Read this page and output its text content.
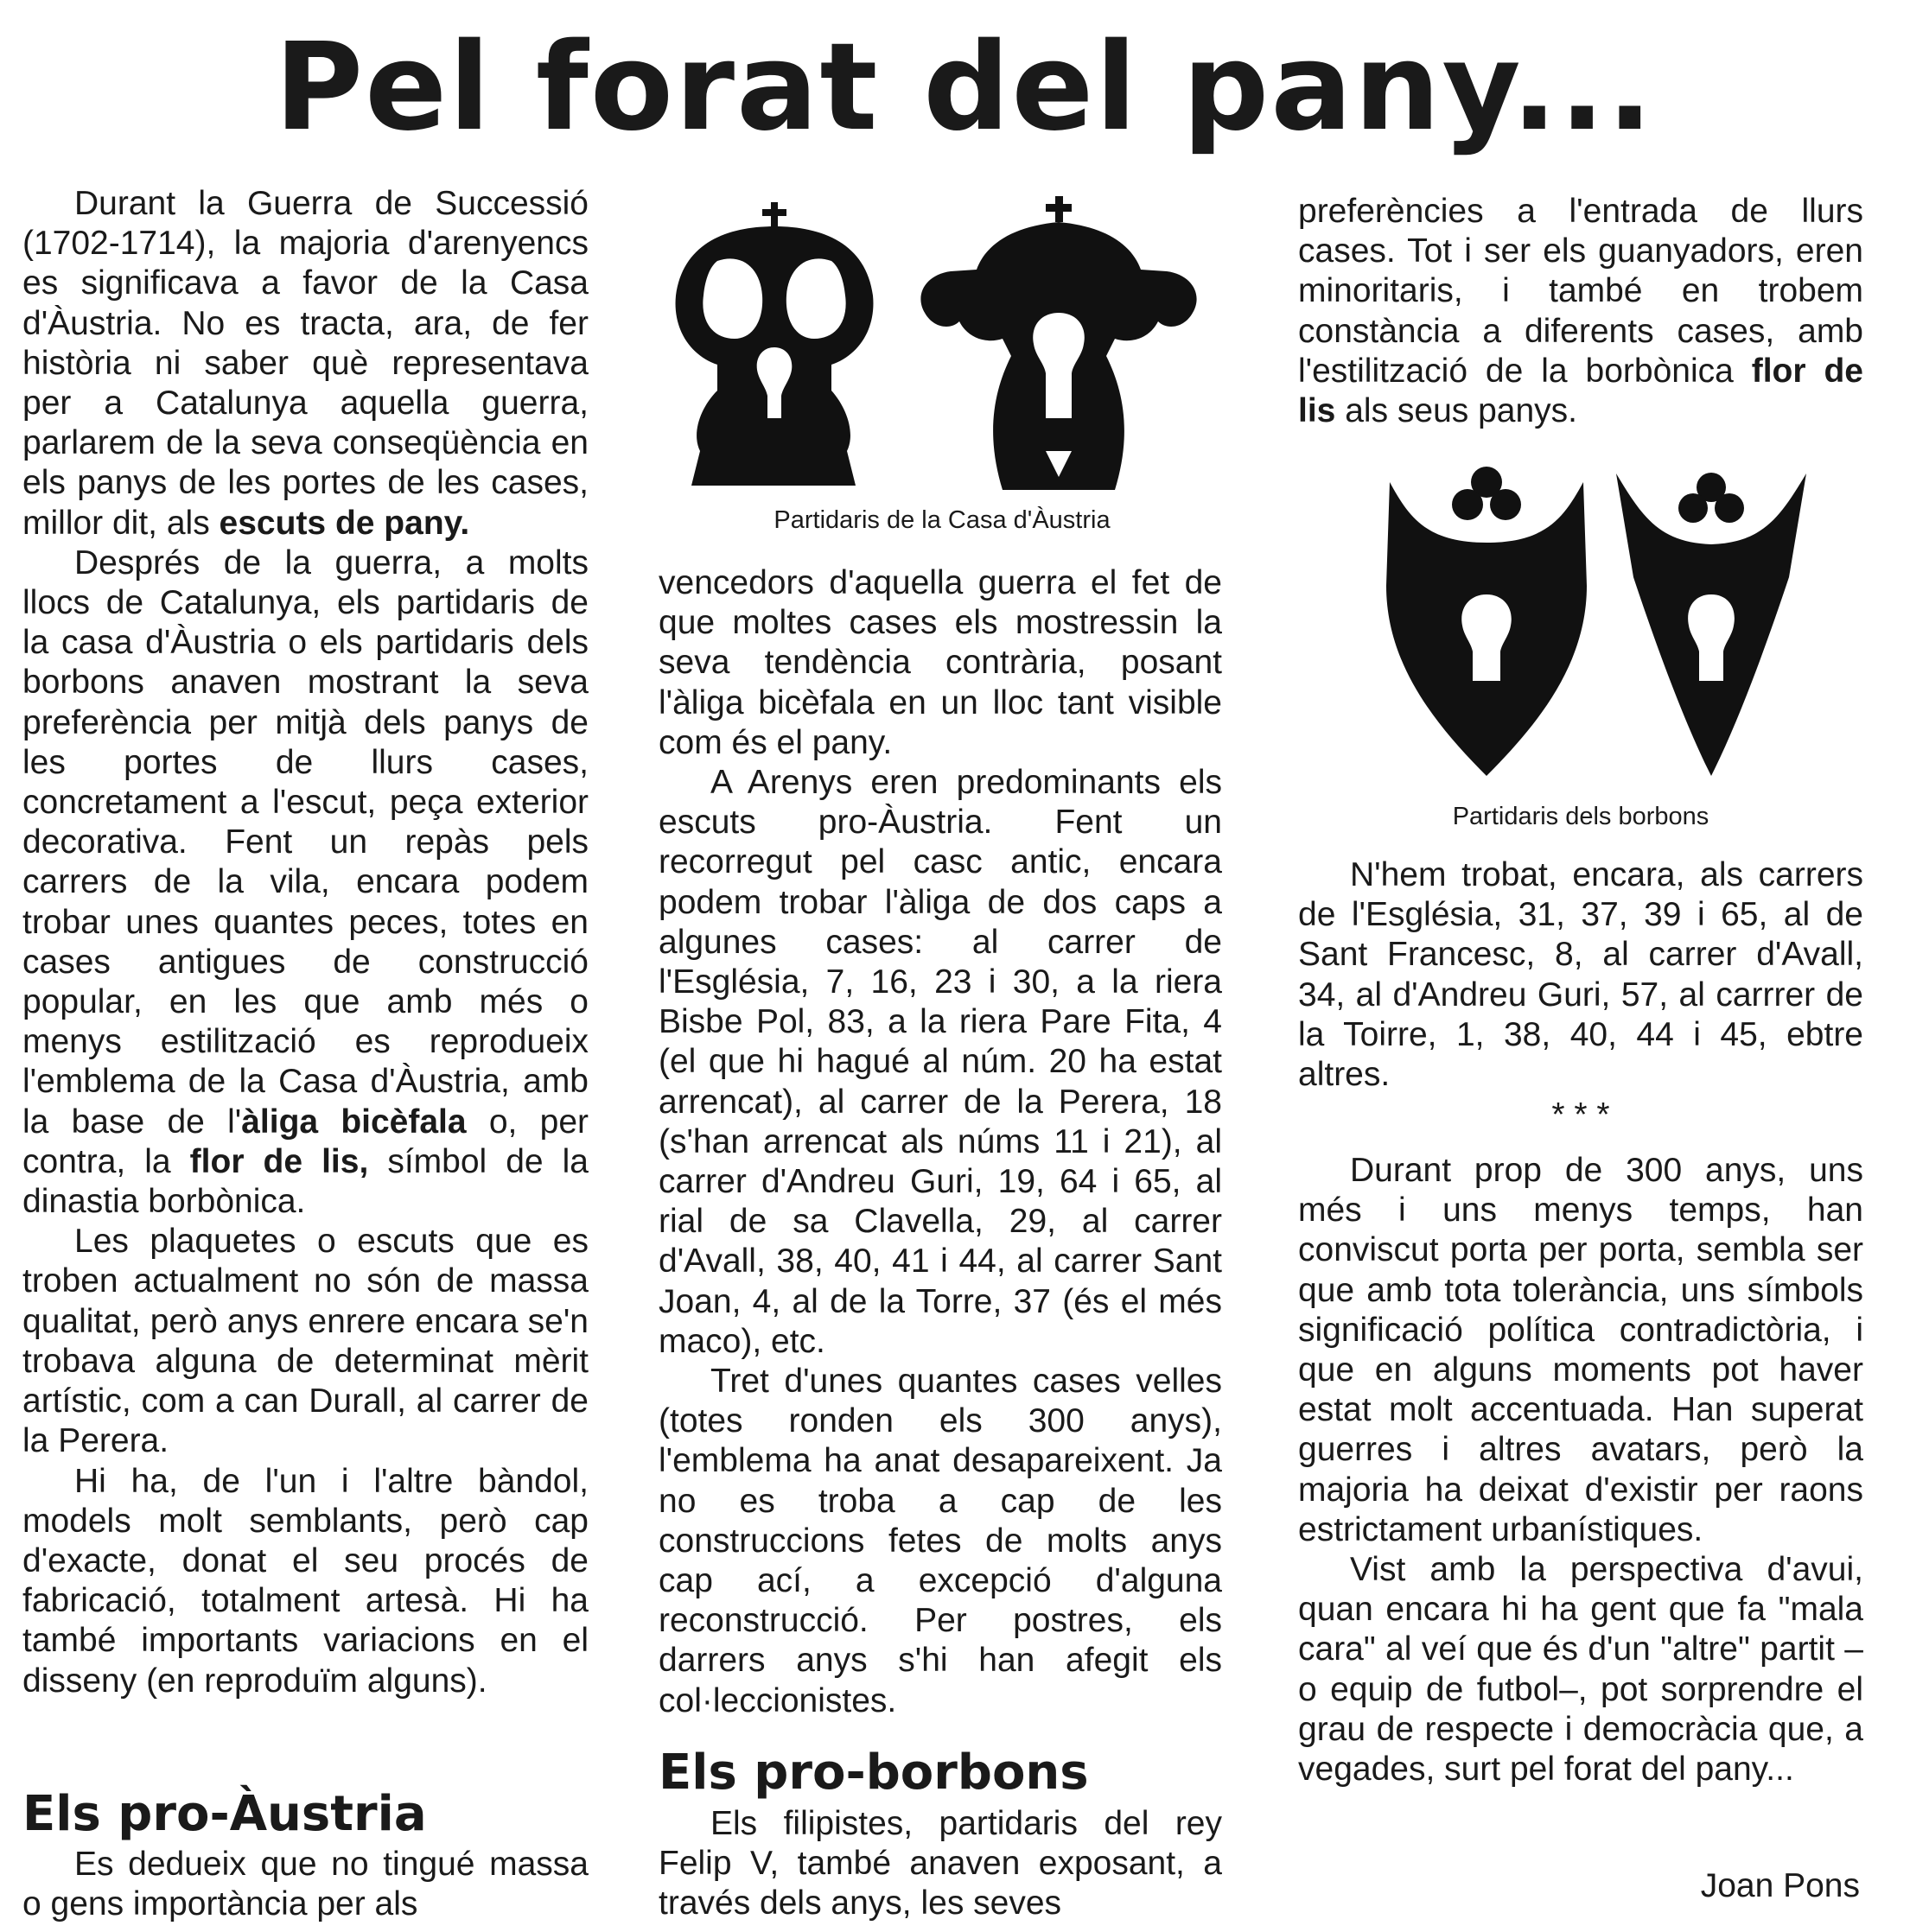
Pel forat del pany...

Durant la Guerra de Successió (1702-1714), la majoria d'arenyencs es significava a favor de la Casa d'Àustria. No es tracta, ara, de fer història ni saber què representava per a Catalunya aquella guerra, parlarem de la seva conseqüència en els panys de les portes de les cases, millor dit, als escuts de pany.

Després de la guerra, a molts llocs de Catalunya, els partidaris de la casa d'Àustria o els partidaris dels borbons anaven mostrant la seva preferència per mitjà dels panys de les portes de llurs cases, concretament a l'escut, peça exterior decorativa. Fent un repàs pels carrers de la vila, encara podem trobar unes quantes peces, totes en cases antigues de construcció popular, en les que amb més o menys estilització es reprodueix l'emblema de la Casa d'Àustria, amb la base de l'àliga bicèfala o, per contra, la flor de lis, símbol de la dinastia borbònica.

Les plaquetes o escuts que es troben actualment no són de massa qualitat, però anys enrere encara se'n trobava alguna de determinat mèrit artístic, com a can Durall, al carrer de la Perera.

Hi ha, de l'un i l'altre bàndol, models molt semblants, però cap d'exacte, donat el seu procés de fabricació, totalment artesà. Hi ha també importants variacions en el disseny (en reproduïm alguns).

Els pro-Àustria

Es dedueix que no tingué massa o gens importància per als

Partidaris de la Casa d'Àustria

vencedors d'aquella guerra el fet de que moltes cases els mostressin la seva tendència contrària, posant l'àliga bicèfala en un lloc tant visible com és el pany.

A Arenys eren predominants els escuts pro-Àustria. Fent un recorregut pel casc antic, encara podem trobar l'àliga de dos caps a algunes cases: al carrer de l'Església, 7, 16, 23 i 30, a la riera Bisbe Pol, 83, a la riera Pare Fita, 4 (el que hi hagué al núm. 20 ha estat arrencat), al carrer de la Perera, 18 (s'han arrencat als núms 11 i 21), al carrer d'Andreu Guri, 19, 64 i 65, al rial de sa Clavella, 29, al carrer d'Avall, 38, 40, 41 i 44, al carrer Sant Joan, 4, al de la Torre, 37 (és el més maco), etc.

Tret d'unes quantes cases velles (totes ronden els 300 anys), l'emblema ha anat desapareixent. Ja no es troba a cap de les construccions fetes de molts anys cap ací, a excepció d'alguna reconstrucció. Per postres, els darrers anys s'hi han afegit els col·leccionistes.

Els pro-borbons

Els filipistes, partidaris del rey Felip V, també anaven exposant, a través dels anys, les seves

preferències a l'entrada de llurs cases. Tot i ser els guanyadors, eren minoritaris, i també en trobem constància a diferents cases, amb l'estilització de la borbònica flor de lis als seus panys.

Partidaris dels borbons

N'hem trobat, encara, als carrers de l'Església, 31, 37, 39 i 65, al de Sant Francesc, 8, al carrer d'Avall, 34, al d'Andreu Guri, 57, al carrrer de la Toirre, 1, 38, 40, 44 i 45, ebtre altres.

* * *

Durant prop de 300 anys, uns més i uns menys temps, han conviscut porta per porta, sembla ser que amb tota tolerància, uns símbols significació política contradictòria, i que en alguns moments pot haver estat molt accentuada. Han superat guerres i altres avatars, però la majoria ha deixat d'existir per raons estrictament urbanístiques.

Vist amb la perspectiva d'avui, quan encara hi ha gent que fa "mala cara" al veí que és d'un "altre" partit –o equip de futbol–, pot sorprendre el grau de respecte i democràcia que, a vegades, surt pel forat del pany...

Joan Pons
